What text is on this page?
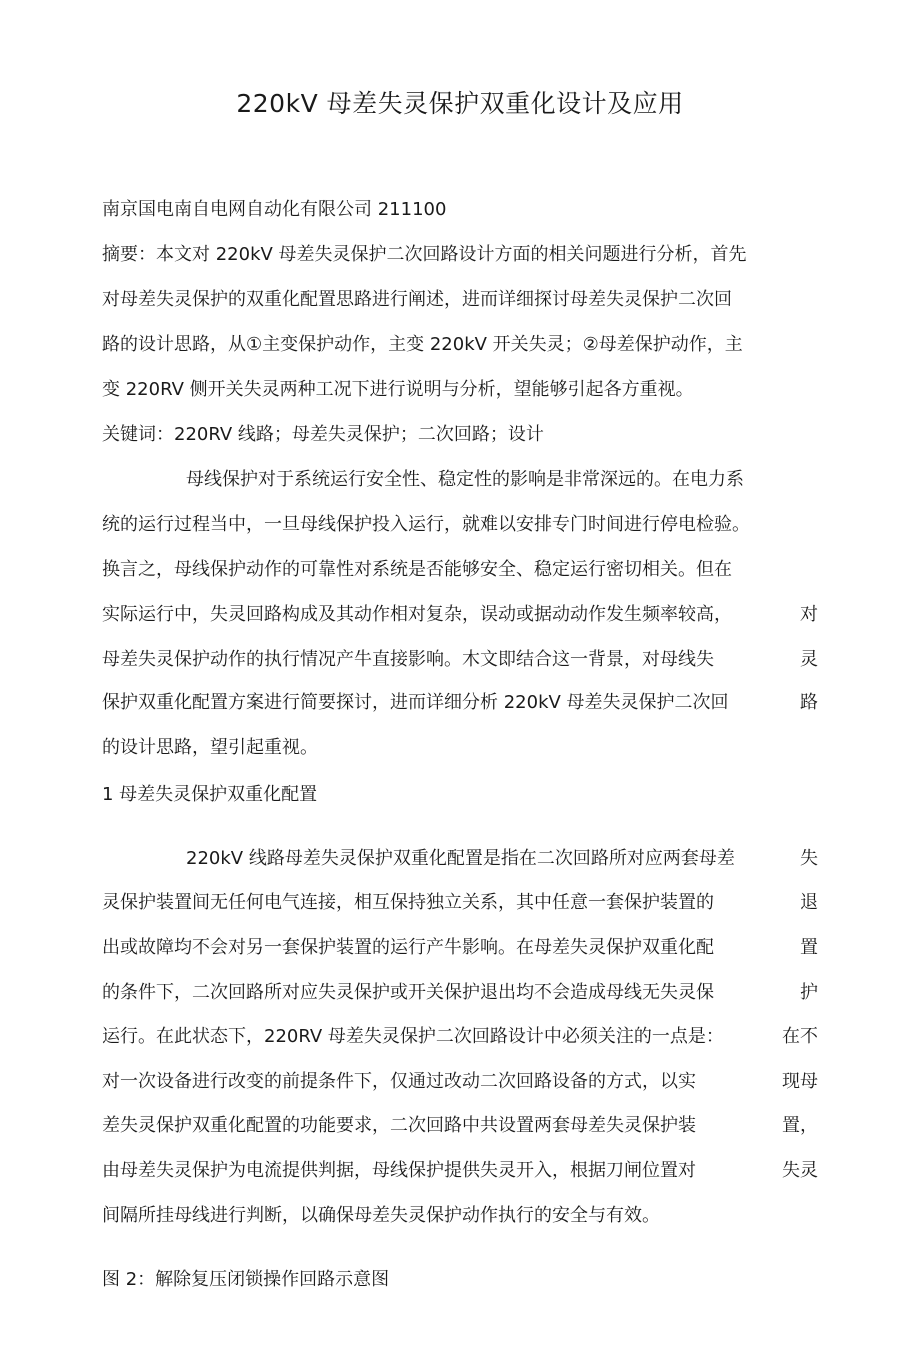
220kV 母差失灵保护双重化设计及应用
南京国电南自电网自动化有限公司 211100
摘要：本文对 220kV 母差失灵保护二次回路设计方面的相关问题进行分析，首先
对母差失灵保护的双重化配置思路进行阐述，进而详细探讨母差失灵保护二次回
路的设计思路，从①主变保护动作，主变 220kV 开关失灵；②母差保护动作，主
变 220RV 侧开关失灵两种工况下进行说明与分析，望能够引起各方重视。
关键词：220RV 线路；母差失灵保护；二次回路；设计
母线保护对于系统运行安全性、稳定性的影响是非常深远的。在电力系
统的运行过程当中，一旦母线保护投入运行，就难以安排专门时间进行停电检验。
换言之，母线保护动作的可靠性对系统是否能够安全、稳定运行密切相关。但在
实际运行中，失灵回路构成及其动作相对复杂，误动或据动动作发生频率较高，	对
母差失灵保护动作的执行情况产牛直接影响。木文即结合这一背景，对母线失	灵
保护双重化配置方案进行简要探讨，进而详细分析 220kV 母差失灵保护二次回	路
的设计思路，望引起重视。
1 母差失灵保护双重化配置
220kV 线路母差失灵保护双重化配置是指在二次回路所对应两套母差	失
灵保护装置间无任何电气连接，相互保持独立关系，其中任意一套保护装置的	退
出或故障均不会对另一套保护装置的运行产牛影响。在母差失灵保护双重化配	置
的条件下，二次回路所对应失灵保护或开关保护退出均不会造成母线无失灵保	护
运行。在此状态下，220RV 母差失灵保护二次回路设计中必须关注的一点是：	在不
对一次设备进行改变的前提条件下，仅通过改动二次回路设备的方式，以实	现母
差失灵保护双重化配置的功能要求，二次回路中共设置两套母差失灵保护装	置，
由母差失灵保护为电流提供判据，母线保护提供失灵开入，根据刀闸位置对	失灵
间隔所挂母线进行判断，以确保母差失灵保护动作执行的安全与有效。
图 2：解除复压闭锁操作回路示意图
